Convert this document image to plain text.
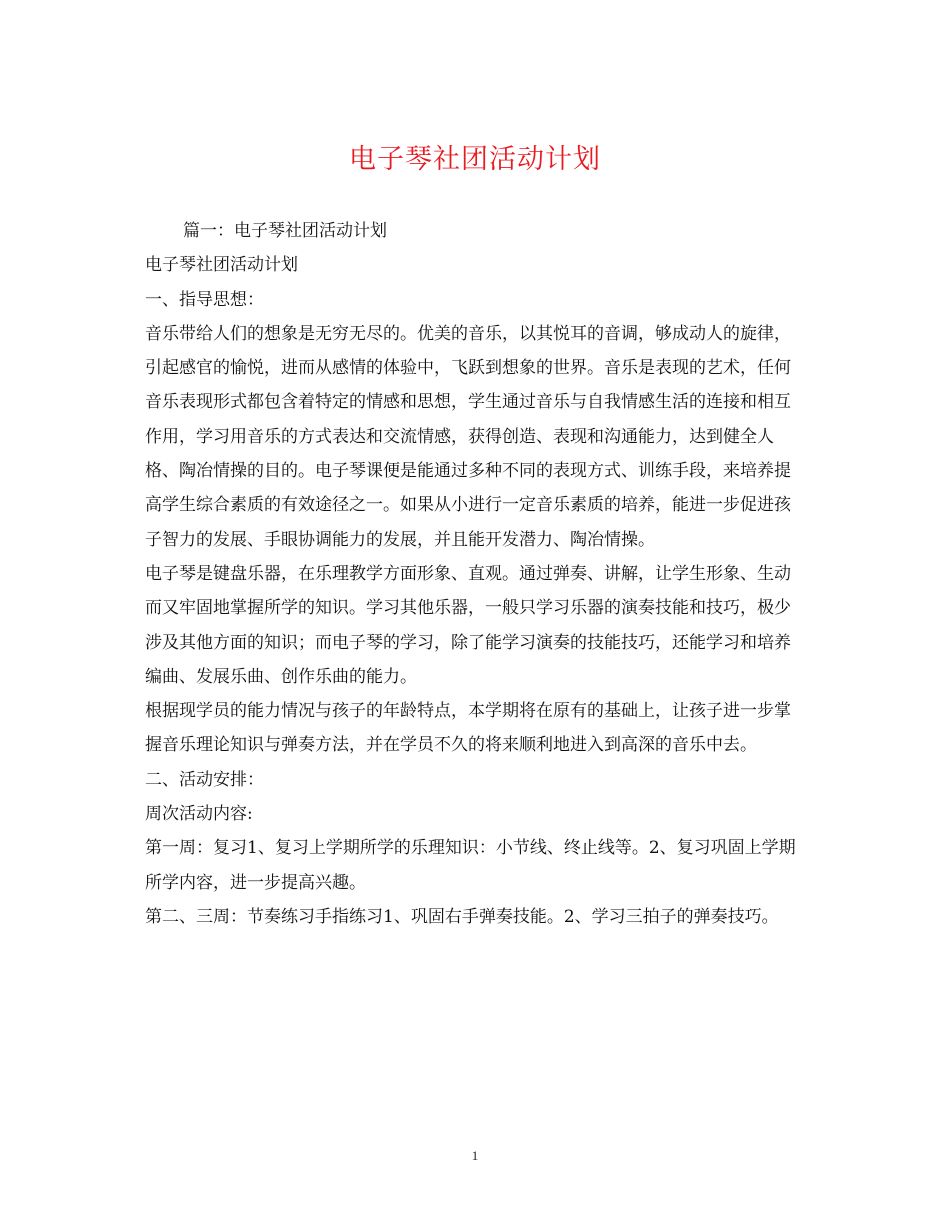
电子琴社团活动计划

篇一：电子琴社团活动计划

电子琴社团活动计划

一、指导思想：

音乐带给人们的想象是无穷无尽的。优美的音乐，以其悦耳的音调，够成动人的旋律，引起感官的愉悦，进而从感情的体验中，飞跃到想象的世界。音乐是表现的艺术，任何音乐表现形式都包含着特定的情感和思想，学生通过音乐与自我情感生活的连接和相互作用，学习用音乐的方式表达和交流情感，获得创造、表现和沟通能力，达到健全人格、陶冶情操的目的。电子琴课便是能通过多种不同的表现方式、训练手段，来培养提高学生综合素质的有效途径之一。如果从小进行一定音乐素质的培养，能进一步促进孩子智力的发展、手眼协调能力的发展，并且能开发潜力、陶冶情操。

电子琴是键盘乐器，在乐理教学方面形象、直观。通过弹奏、讲解，让学生形象、生动而又牢固地掌握所学的知识。学习其他乐器，一般只学习乐器的演奏技能和技巧，极少涉及其他方面的知识；而电子琴的学习，除了能学习演奏的技能技巧，还能学习和培养编曲、发展乐曲、创作乐曲的能力。

根据现学员的能力情况与孩子的年龄特点，本学期将在原有的基础上，让孩子进一步掌握音乐理论知识与弹奏方法，并在学员不久的将来顺利地进入到高深的音乐中去。

二、活动安排：

周次活动内容:

第一周：复习1、复习上学期所学的乐理知识：小节线、终止线等。2、复习巩固上学期所学内容，进一步提高兴趣。

第二、三周：节奏练习手指练习1、巩固右手弹奏技能。2、学习三拍子的弹奏技巧。

1
